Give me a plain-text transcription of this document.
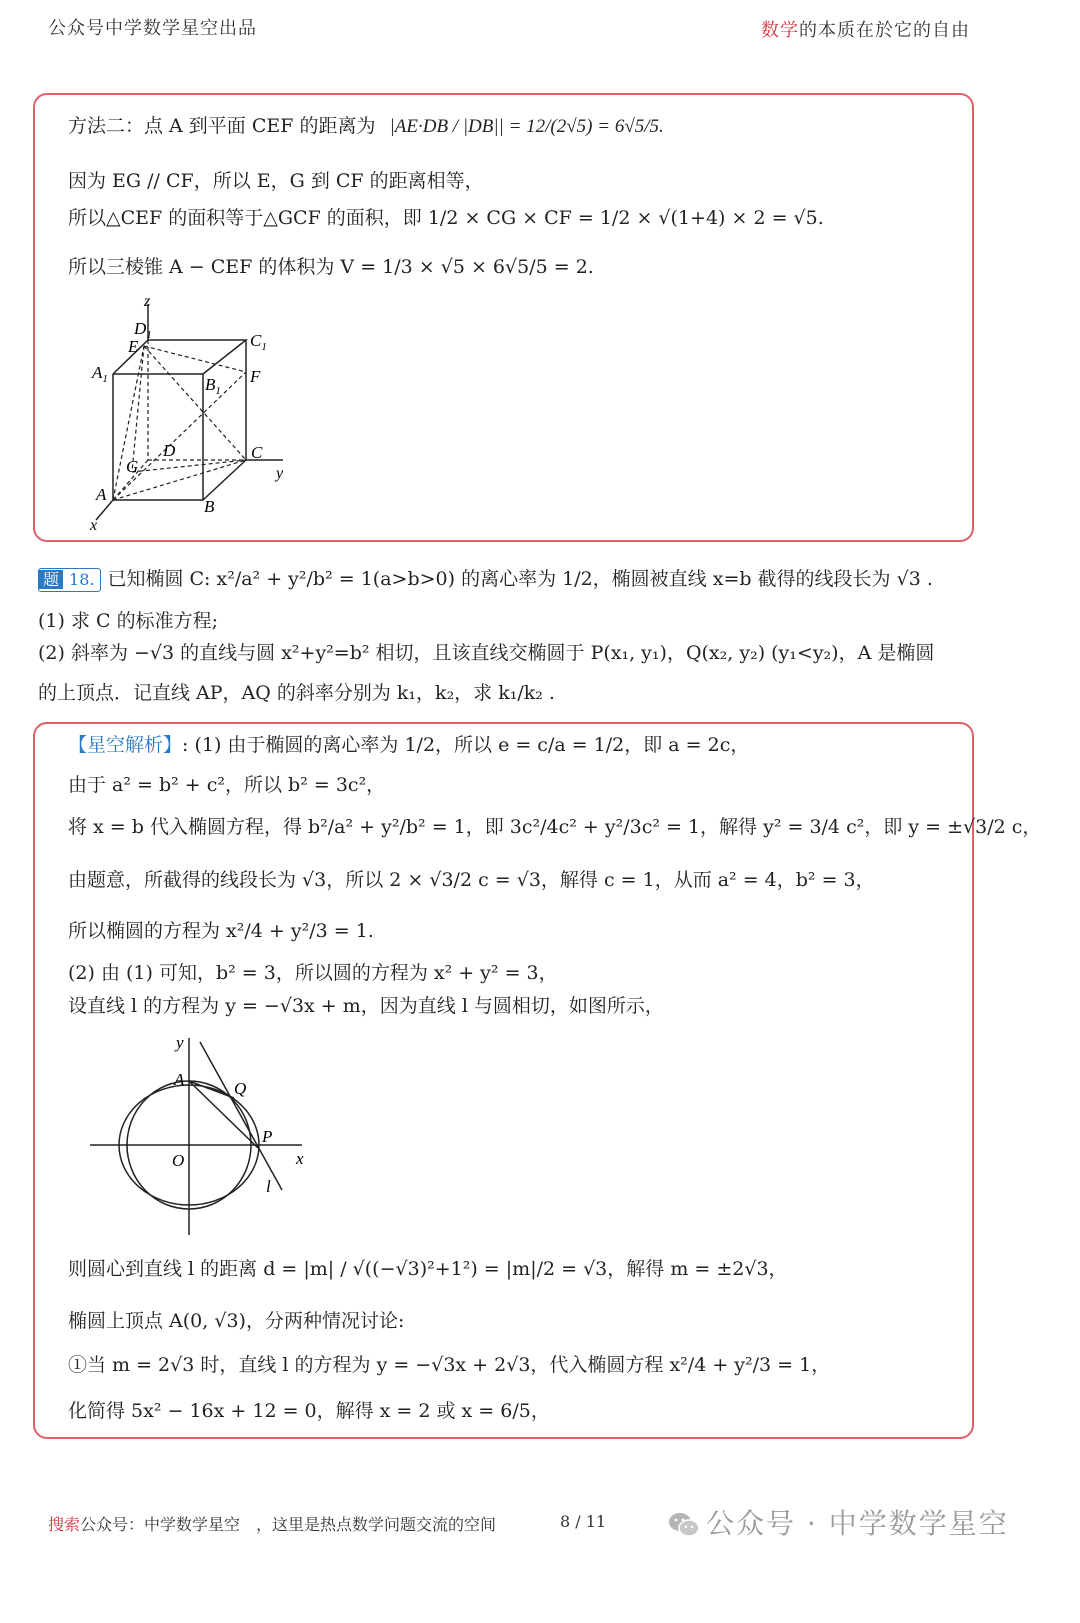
公众号中学数学星空出品	数学的本质在於它的自由
方法二：点 A 到平面 CEF 的距离为 |AE·DB / |DB|| = 12/(2√5) = 6√5/5.
因为 EG // CF，所以 E，G 到 CF 的距离相等，
所以△CEF 的面积等于△GCF 的面积，即 1/2 × CG × CF = 1/2 × √(1+4) × 2 = √5.
所以三棱锥 A − CEF 的体积为 V = 1/3 × √5 × 6√5/5 = 2.
z
$D_1$
E	$C_1$
$A_1$	$B_1$
F
G
D	C
y
A
B
x
题 18. 已知椭圆 C: x²/a² + y²/b² = 1(a>b>0) 的离心率为 1/2，椭圆被直线 x=b 截得的线段长为 √3 .
(1) 求 C 的标准方程;
(2) 斜率为 −√3 的直线与圆 x²+y²=b² 相切，且该直线交椭圆于 P(x₁, y₁)，Q(x₂, y₂) (y₁<y₂)，A 是椭圆
的上顶点．记直线 AP，AQ 的斜率分别为 k₁，k₂，求 k₁/k₂ .
【星空解析】: (1) 由于椭圆的离心率为 1/2，所以 e = c/a = 1/2，即 a = 2c，
由于 a² = b² + c²，所以 b² = 3c²，
将 x = b 代入椭圆方程，得 b²/a² + y²/b² = 1，即 3c²/4c² + y²/3c² = 1，解得 y² = 3/4 c²，即 y = ±√3/2 c，
由题意，所截得的线段长为 √3，所以 2 × √3/2 c = √3，解得 c = 1，从而 a² = 4，b² = 3，
所以椭圆的方程为 x²/4 + y²/3 = 1.
(2) 由 (1) 可知，b² = 3，所以圆的方程为 x² + y² = 3，
设直线 l 的方程为 y = −√3x + m，因为直线 l 与圆相切，如图所示，
y
A	Q
P
O	x
l
则圆心到直线 l 的距离 d = |m| / √((−√3)²+1²) = |m|/2 = √3，解得 m = ±2√3，
椭圆上顶点 A(0, √3)，分两种情况讨论:
①当 m = 2√3 时，直线 l 的方程为 y = −√3x + 2√3，代入椭圆方程 x²/4 + y²/3 = 1，
化简得 5x² − 16x + 12 = 0，解得 x = 2 或 x = 6/5，
搜索公众号：中学数学星空　，这里是热点数学问题交流的空间	8 / 11	公众号 · 中学数学星空
